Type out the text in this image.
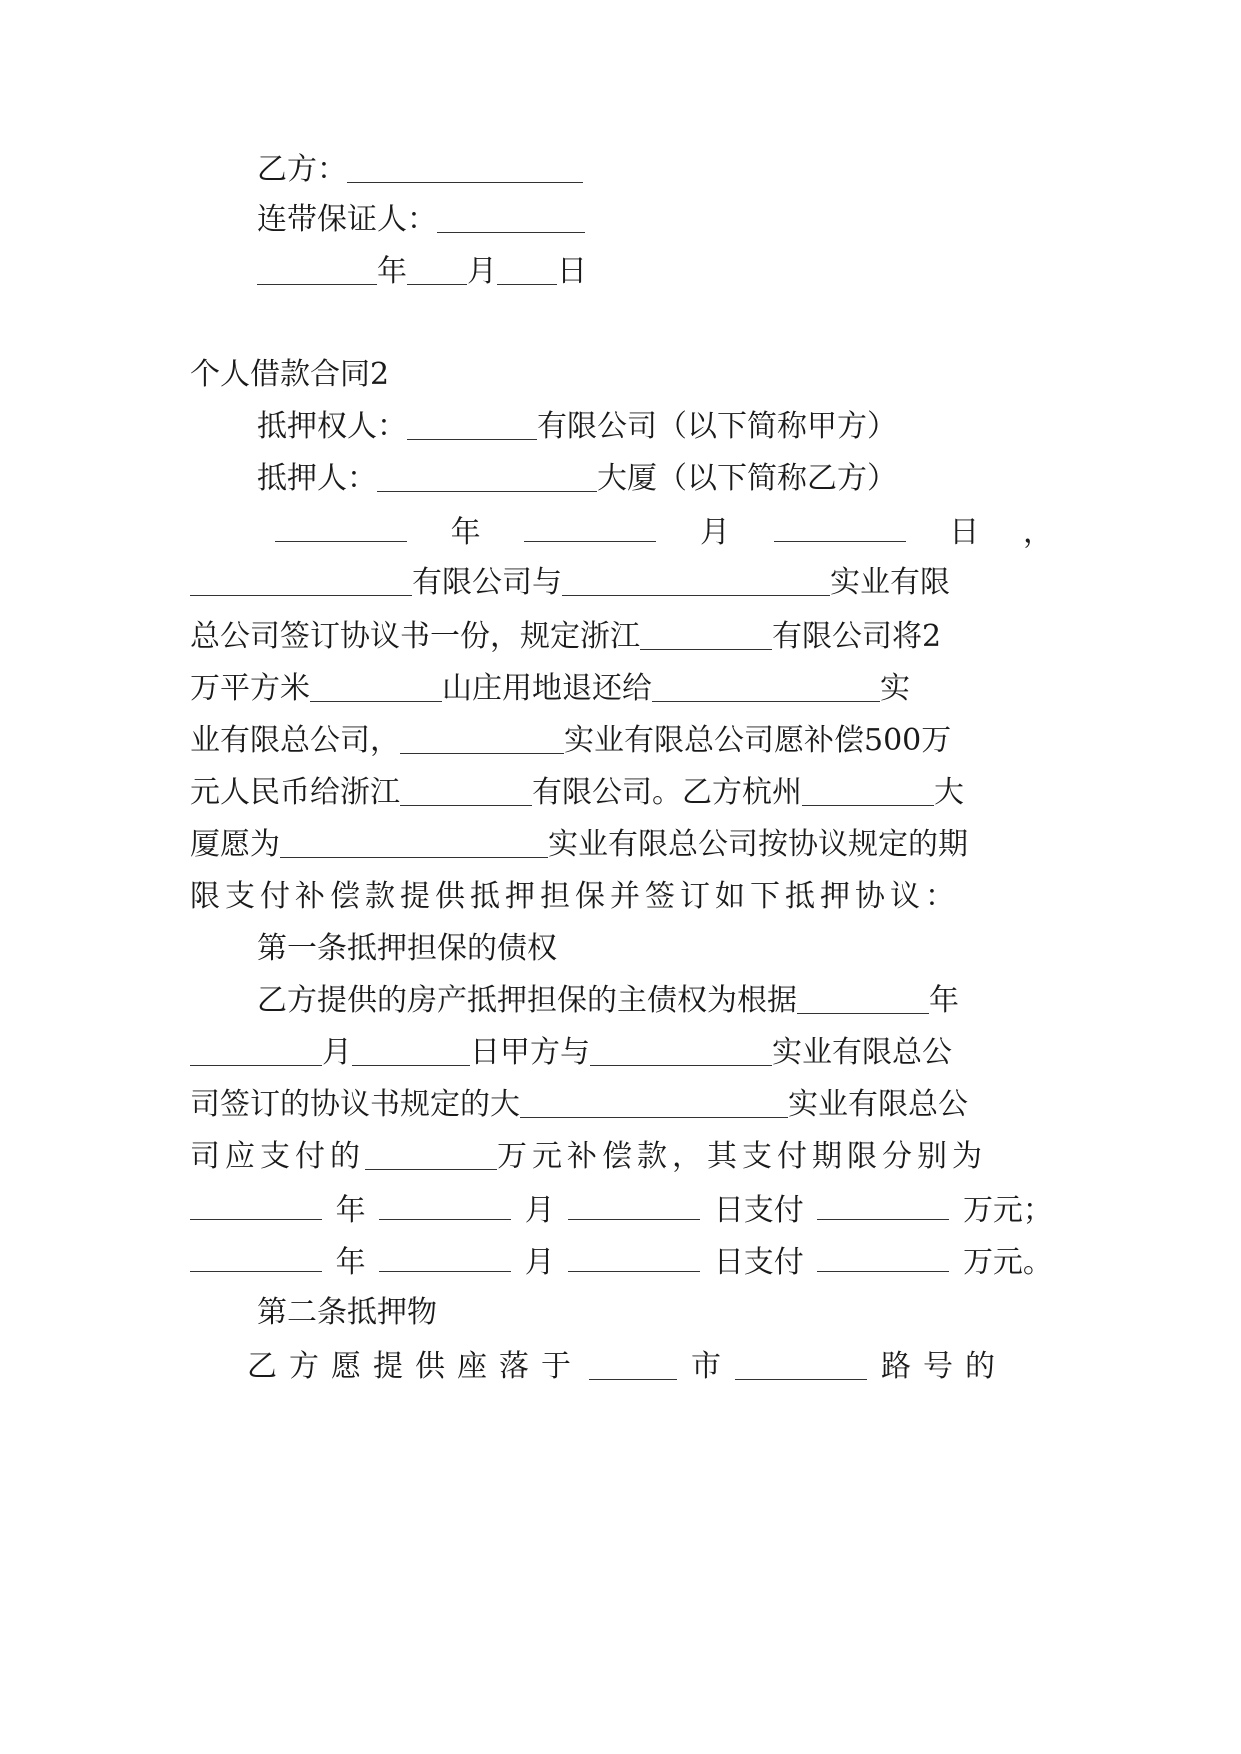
乙方：
连带保证人：
年 月 日
个人借款合同2
抵押权人：	有限公司（以下简称甲方）
抵押人：	大厦（以下简称乙方）
年	月	日 ，
有限公司与	实业有限
总公司签订协议书一份，规定浙江	有限公司将2
万平方米	山庄用地退还给	实
业有限总公司，	实业有限总公司愿补偿500万
元人民币给浙江	有限公司。乙方杭州	大
厦愿为	实业有限总公司按协议规定的期
限支付补偿款提供抵押担保并签订如下抵押协议：
第一条抵押担保的债权
乙方提供的房产抵押担保的主债权为根据	年
月	日甲方与	实业有限总公
司签订的协议书规定的大	实业有限总公
司应支付的	万元补偿款，其支付期限分别为
年	月	日支付	万元；
年	月	日支付	万元。
第二条抵押物
乙方愿提供座落于	市	路号的
